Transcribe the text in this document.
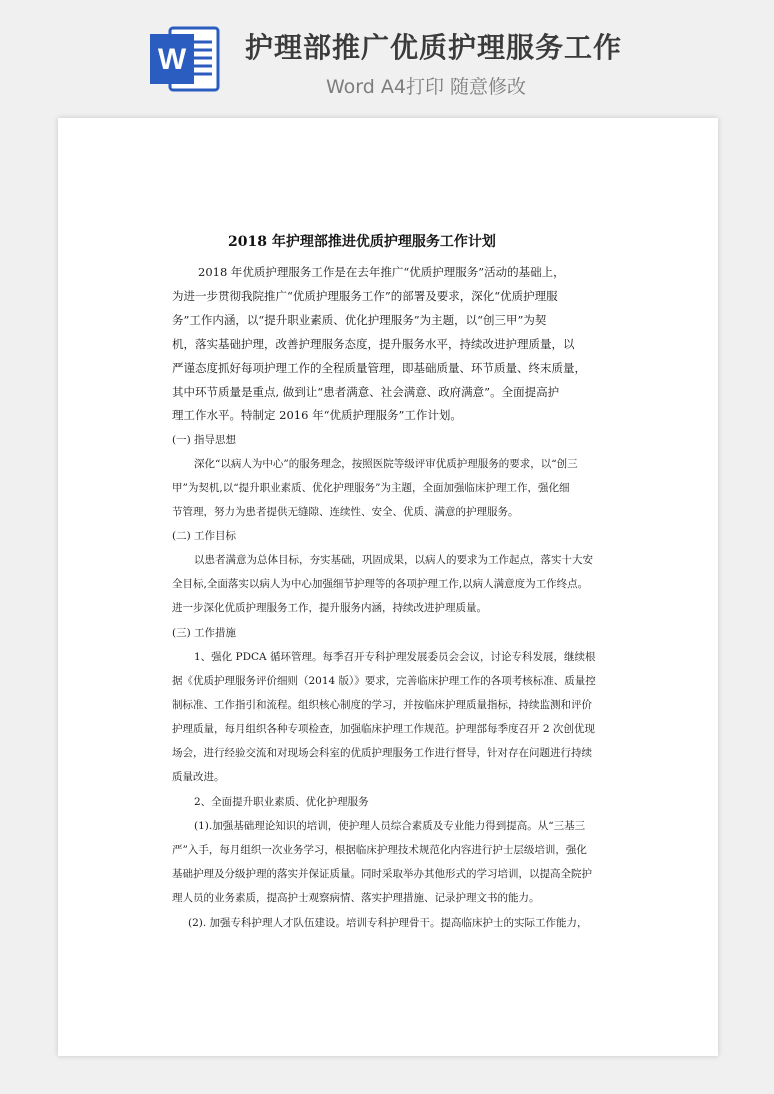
W 护理部推广优质护理服务工作
Word A4打印 随意修改
2018 年护理部推进优质护理服务工作计划
2018 年优质护理服务工作是在去年推广“优质护理服务”活动的基础上，
为进一步贯彻我院推广“优质护理服务工作”的部署及要求，深化“优质护理服
务”工作内涵，以“提升职业素质、优化护理服务”为主题，以“创三甲”为契
机，落实基础护理，改善护理服务态度，提升服务水平，持续改进护理质量，以
严谨态度抓好每项护理工作的全程质量管理，即基础质量、环节质量、终末质量，
其中环节质量是重点, 做到让“患者满意、社会满意、政府满意”。全面提高护
理工作水平。特制定 2016 年“优质护理服务”工作计划。
(一) 指导思想
深化“以病人为中心”的服务理念，按照医院等级评审优质护理服务的要求，以“创三
甲”为契机,以“提升职业素质、优化护理服务”为主题，全面加强临床护理工作，强化细
节管理，努力为患者提供无缝隙、连续性、安全、优质、满意的护理服务。
(二) 工作目标
以患者满意为总体目标，夯实基础，巩固成果，以病人的要求为工作起点，落实十大安
全目标,全面落实以病人为中心加强细节护理等的各项护理工作,以病人满意度为工作终点。
进一步深化优质护理服务工作，提升服务内涵，持续改进护理质量。
(三) 工作措施
1、强化 PDCA 循环管理。每季召开专科护理发展委员会会议，讨论专科发展，继续根
据《优质护理服务评价细则（2014 版）》要求，完善临床护理工作的各项考核标准、质量控
制标准、工作指引和流程。组织核心制度的学习，并按临床护理质量指标，持续监测和评价
护理质量，每月组织各种专项检查，加强临床护理工作规范。护理部每季度召开 2 次创优现
场会，进行经验交流和对现场会科室的优质护理服务工作进行督导，针对存在问题进行持续
质量改进。
2、全面提升职业素质、优化护理服务
(1).加强基础理论知识的培训，使护理人员综合素质及专业能力得到提高。从“三基三
严”入手，每月组织一次业务学习，根据临床护理技术规范化内容进行护士层级培训，强化
基础护理及分级护理的落实并保证质量。同时采取举办其他形式的学习培训，以提高全院护
理人员的业务素质，提高护士观察病情、落实护理措施、记录护理文书的能力。
(2). 加强专科护理人才队伍建设。培训专科护理骨干。提高临床护士的实际工作能力，
